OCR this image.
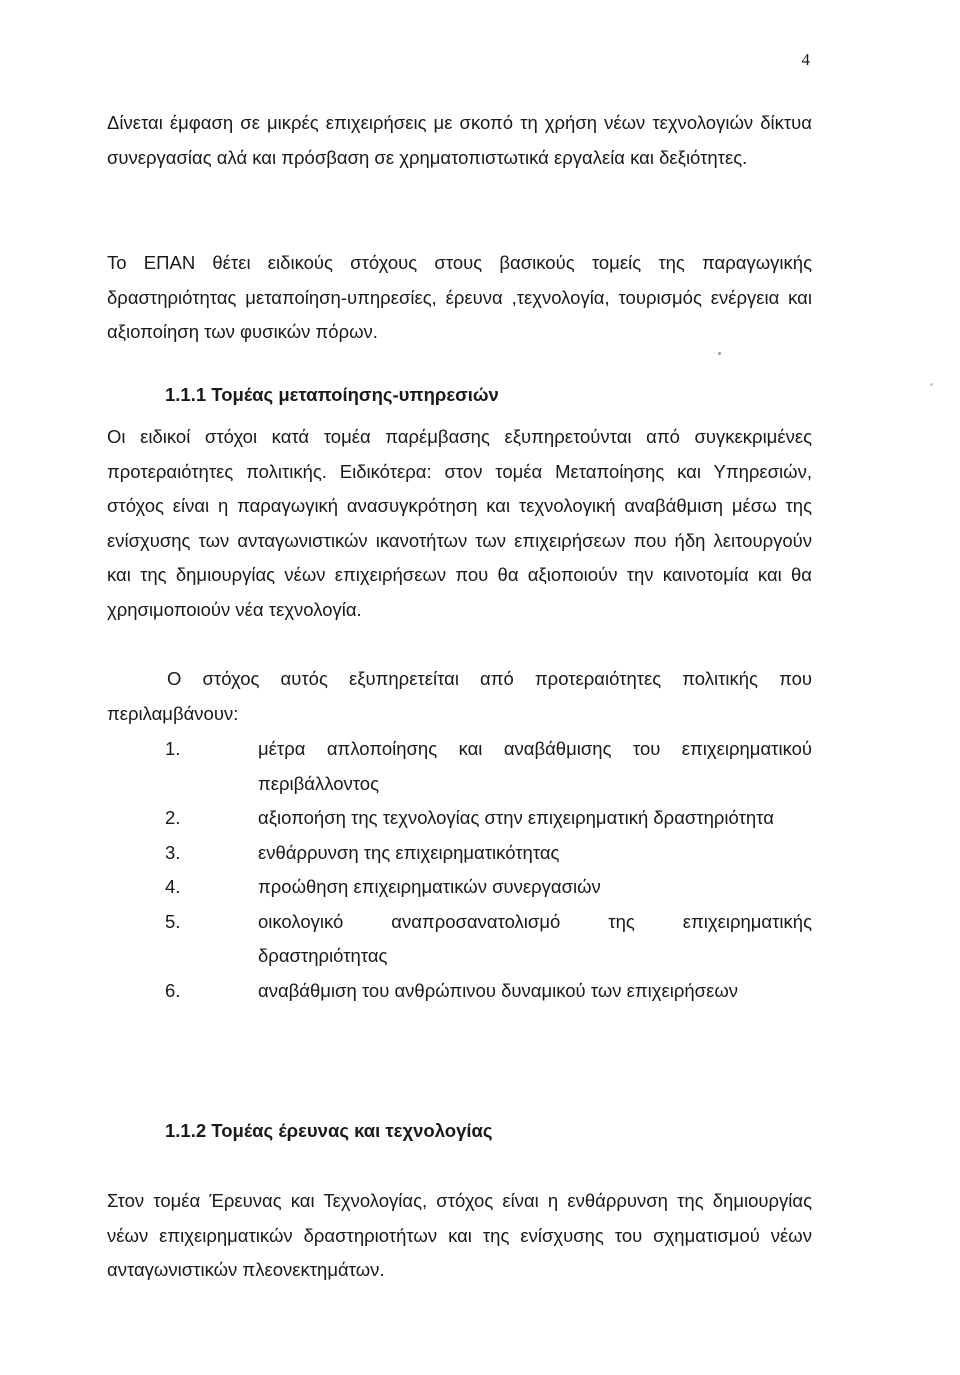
4

Δίνεται έμφαση σε μικρές επιχειρήσεις με σκοπό τη χρήση νέων τεχνολογιών δίκτυα συνεργασίας αλά και πρόσβαση σε χρηματοπιστωτικά εργαλεία και δεξιότητες.

Το ΕΠΑΝ θέτει ειδικούς στόχους στους βασικούς τομείς της παραγωγικής δραστηριότητας μεταποίηση-υπηρεσίες, έρευνα ,τεχνολογία, τουρισμός ενέργεια και αξιοποίηση των φυσικών πόρων.

1.1.1 Τομέας μεταποίησης-υπηρεσιών

Οι ειδικοί στόχοι κατά τομέα παρέμβασης εξυπηρετούνται από συγκεκριμένες προτεραιότητες πολιτικής. Ειδικότερα: στον τομέα Μεταποίησης και Υπηρεσιών, στόχος είναι η παραγωγική ανασυγκρότηση και τεχνολογική αναβάθμιση μέσω της ενίσχυσης των ανταγωνιστικών ικανοτήτων των επιχειρήσεων που ήδη λειτουργούν και της δημιουργίας νέων επιχειρήσεων που θα αξιοποιούν την καινοτομία και θα χρησιμοποιούν νέα τεχνολογία.

Ο στόχος αυτός εξυπηρετείται από προτεραιότητες πολιτικής που περιλαμβάνουν:

1.	μέτρα απλοποίησης και αναβάθμισης του επιχειρηματικού περιβάλλοντος
2.	αξιοποήση της τεχνολογίας στην επιχειρηματική δραστηριότητα
3.	ενθάρρυνση της επιχειρηματικότητας
4.	προώθηση επιχειρηματικών συνεργασιών
5.	οικολογικό αναπροσανατολισμό της επιχειρηματικής δραστηριότητας
6.	αναβάθμιση του ανθρώπινου δυναμικού των επιχειρήσεων
1.1.2 Τομέας έρευνας και τεχνολογίας

Στον τομέα Έρευνας και Τεχνολογίας, στόχος είναι η ενθάρρυνση της δημιουργίας νέων επιχειρηματικών δραστηριοτήτων και της ενίσχυσης του σχηματισμού νέων ανταγωνιστικών πλεονεκτημάτων.
